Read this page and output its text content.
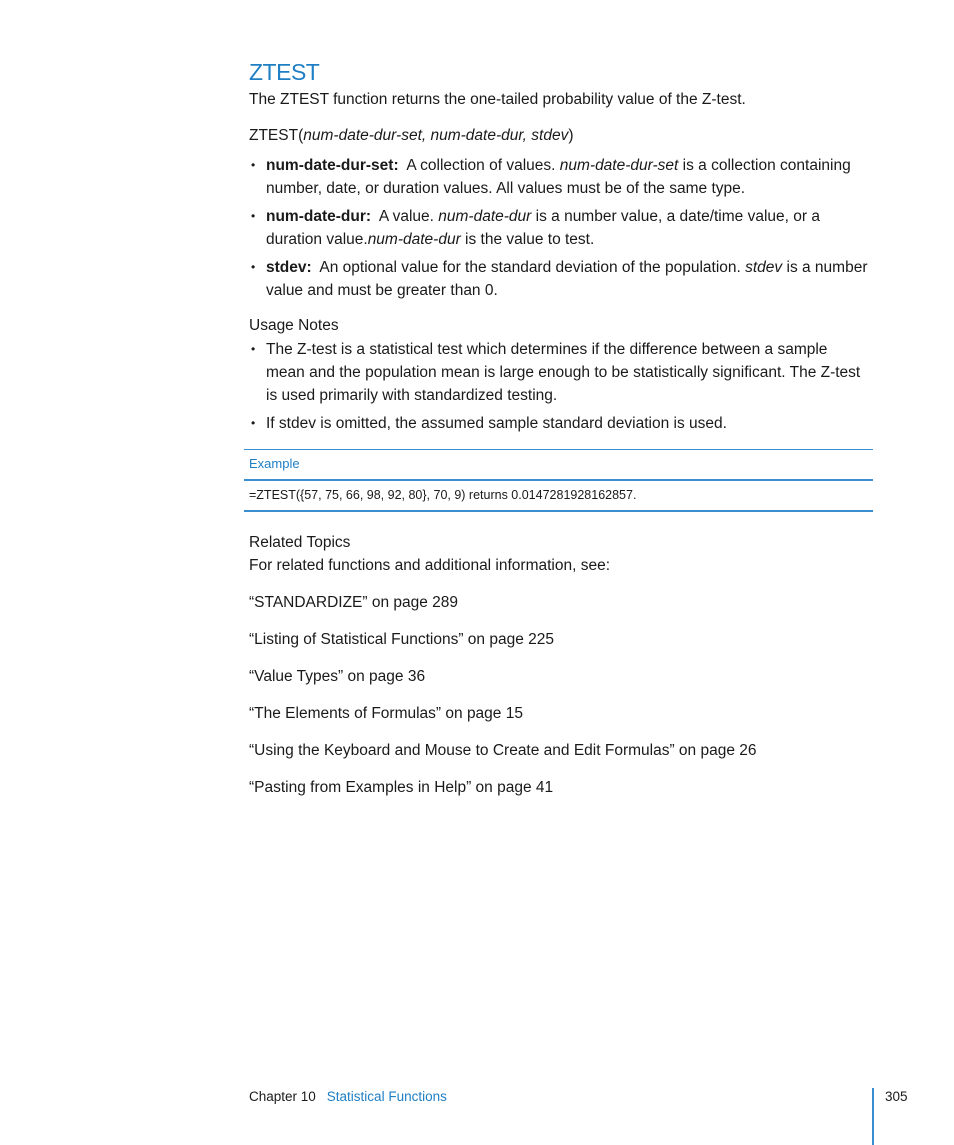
ZTEST

The ZTEST function returns the one-tailed probability value of the Z-test.

ZTEST(num-date-dur-set, num-date-dur, stdev)

• num-date-dur-set: A collection of values. num-date-dur-set is a collection containing number, date, or duration values. All values must be of the same type.
• num-date-dur: A value. num-date-dur is a number value, a date/time value, or a duration value.num-date-dur is the value to test.
• stdev: An optional value for the standard deviation of the population. stdev is a number value and must be greater than 0.

Usage Notes

• The Z-test is a statistical test which determines if the difference between a sample mean and the population mean is large enough to be statistically significant. The Z-test is used primarily with standardized testing.
• If stdev is omitted, the assumed sample standard deviation is used.
Example
=ZTEST({57, 75, 66, 98, 92, 80}, 70, 9) returns 0.0147281928162857.
Related Topics
For related functions and additional information, see:
“STANDARDIZE” on page 289
“Listing of Statistical Functions” on page 225
“Value Types” on page 36
“The Elements of Formulas” on page 15
“Using the Keyboard and Mouse to Create and Edit Formulas” on page 26
“Pasting from Examples in Help” on page 41
Chapter 10 Statistical Functions	305
